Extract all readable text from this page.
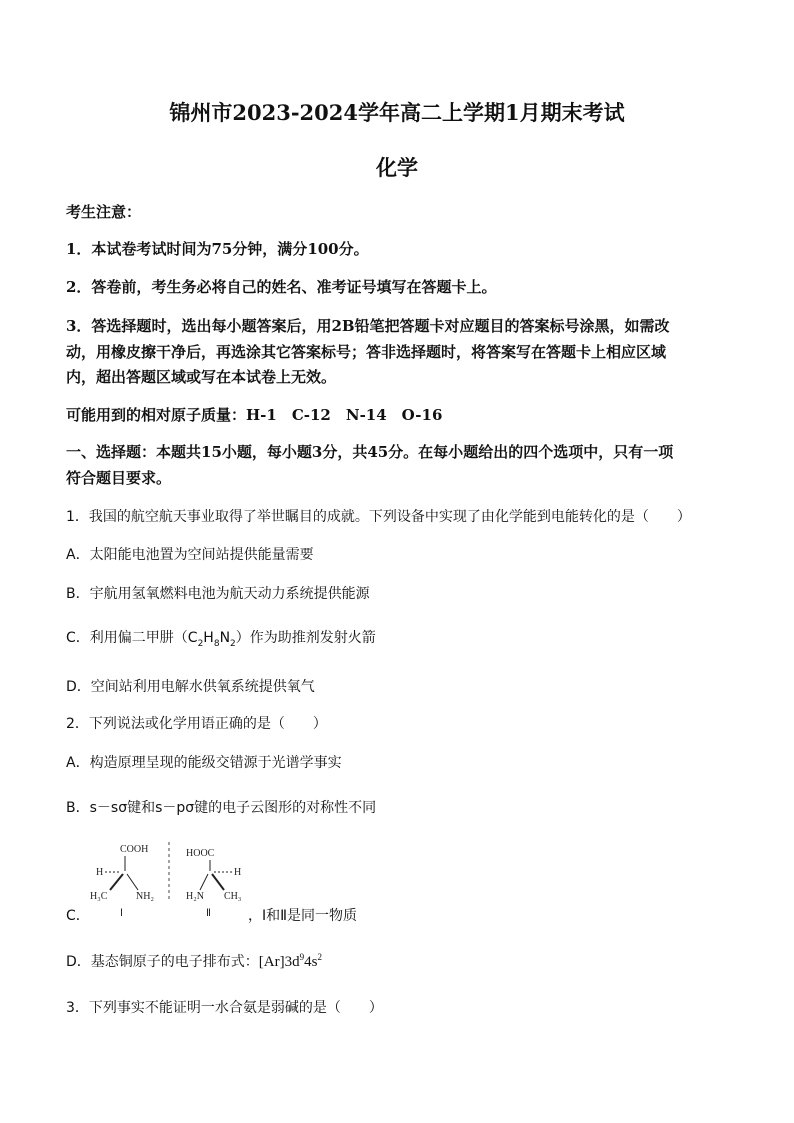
锦州市2023-2024学年高二上学期1月期末考试
化学
考生注意：
1．本试卷考试时间为75分钟，满分100分。
2．答卷前，考生务必将自己的姓名、准考证号填写在答题卡上。
3．答选择题时，选出每小题答案后，用2B铅笔把答题卡对应题目的答案标号涂黑，如需改
动，用橡皮擦干净后，再选涂其它答案标号；答非选择题时，将答案写在答题卡上相应区域
内，超出答题区域或写在本试卷上无效。
可能用到的相对原子质量：H-1　C-12　N-14　O-16
一、选择题：本题共15小题，每小题3分，共45分。在每小题给出的四个选项中，只有一项
符合题目要求。
1．我国的航空航天事业取得了举世瞩目的成就。下列设备中实现了由化学能到电能转化的是（　　）
A．太阳能电池置为空间站提供能量需要
B．宇航用氢氧燃料电池为航天动力系统提供能源
C．利用偏二甲肼$(C_2H_8N_2)$作为助推剂发射火箭
D．空间站利用电解水供氧系统提供氧气
2．下列说法或化学用语正确的是（　　）
A．构造原理呈现的能级交错源于光谱学事实
B．s－sσ键和s－pσ键的电子云图形的对称性不同
COOH
H
H₃C	NH₂
Ⅰ
HOOC
H
H₂N CH₃
Ⅱ
C．	，Ⅰ和Ⅱ是同一物质
D．基态铜原子的电子排布式：$[Ar]3d^94s^2$
3．下列事实不能证明一水合氨是弱碱的是（　　）
